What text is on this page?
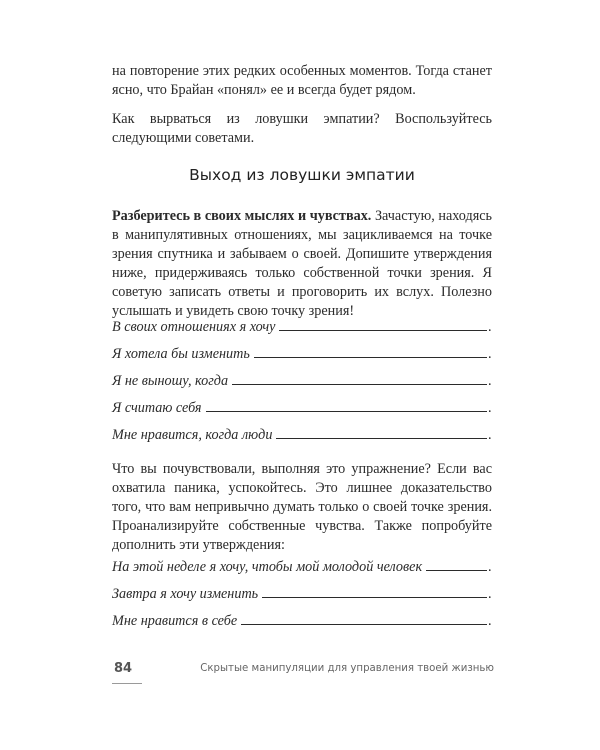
на повторение этих редких особенных моментов. Тогда станет ясно, что Брайан «понял» ее и всегда будет рядом.

Как вырваться из ловушки эмпатии? Воспользуйтесь следующими советами.

Выход из ловушки эмпатии

Разберитесь в своих мыслях и чувствах. Зачастую, находясь в манипулятивных отношениях, мы зацикливаемся на точке зрения спутника и забываем о своей. Допишите утверждения ниже, придерживаясь только собственной точки зрения. Я советую записать ответы и проговорить их вслух. Полезно услышать и увидеть свою точку зрения!

В своих отношениях я хочу	.
Я хотела бы изменить	.
Я не выношу, когда	.
Я считаю себя	.
Мне нравится, когда люди	.

Что вы почувствовали, выполняя это упражнение? Если вас охватила паника, успокойтесь. Это лишнее доказательство того, что вам непривычно думать только о своей точке зрения. Проанализируйте собственные чувства. Также попробуйте дополнить эти утверждения:

На этой неделе я хочу, чтобы мой молодой человек	.
Завтра я хочу изменить	.
Мне нравится в себе	.
84	Скрытые манипуляции для управления твоей жизнью
